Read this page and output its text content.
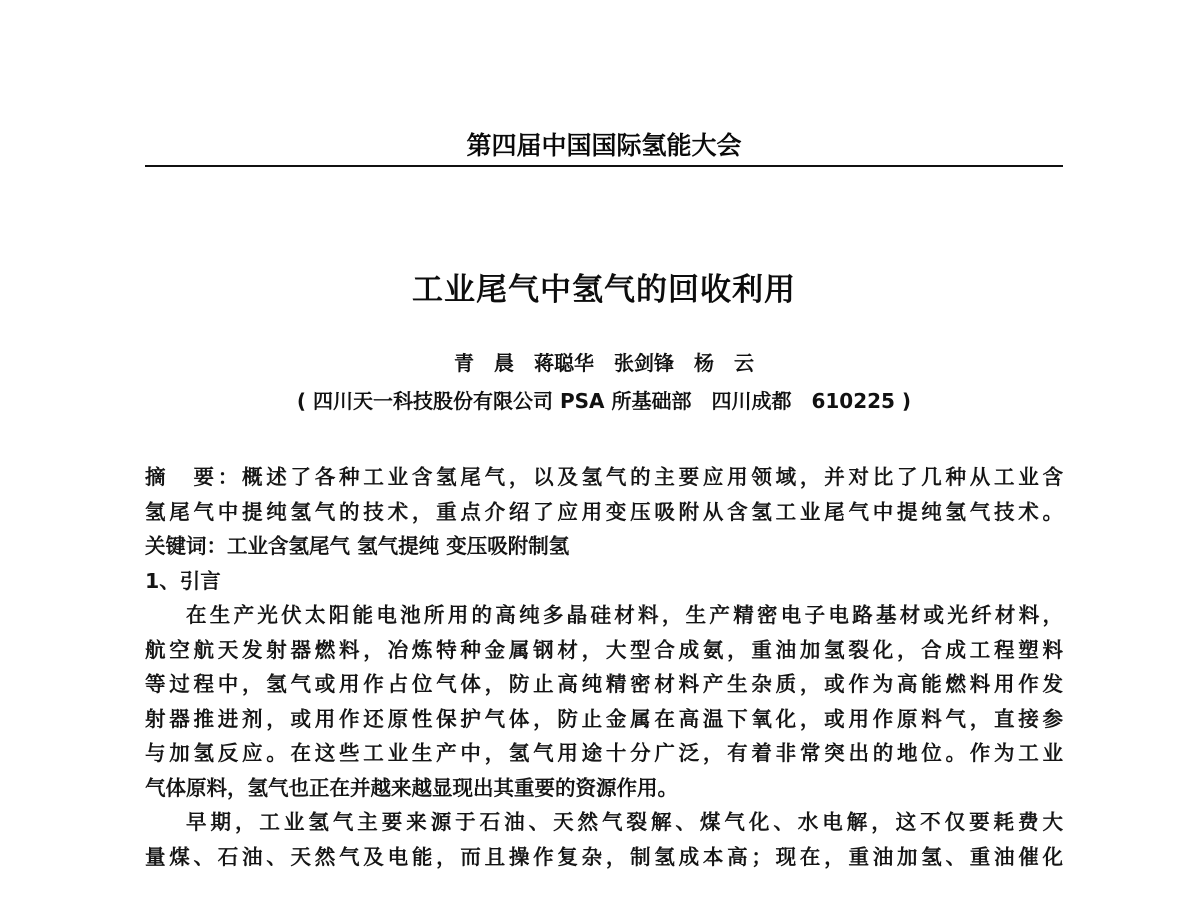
第四届中国国际氢能大会
工业尾气中氢气的回收利用
青　晨　蒋聪华　张剑锋　杨　云
( 四川天一科技股份有限公司 PSA 所基础部　四川成都　610225 )
摘　要：概述了各种工业含氢尾气，以及氢气的主要应用领域，并对比了几种从工业含
氢尾气中提纯氢气的技术，重点介绍了应用变压吸附从含氢工业尾气中提纯氢气技术。
关键词：工业含氢尾气 氢气提纯 变压吸附制氢
1、引言
在生产光伏太阳能电池所用的高纯多晶硅材料，生产精密电子电路基材或光纤材料，
航空航天发射器燃料，冶炼特种金属钢材，大型合成氨，重油加氢裂化，合成工程塑料
等过程中，氢气或用作占位气体，防止高纯精密材料产生杂质，或作为高能燃料用作发
射器推进剂，或用作还原性保护气体，防止金属在高温下氧化，或用作原料气，直接参
与加氢反应。在这些工业生产中，氢气用途十分广泛，有着非常突出的地位。作为工业
气体原料，氢气也正在并越来越显现出其重要的资源作用。
早期，工业氢气主要来源于石油、天然气裂解、煤气化、水电解，这不仅要耗费大
量煤、石油、天然气及电能，而且操作复杂，制氢成本高；现在，重油加氢、重油催化
